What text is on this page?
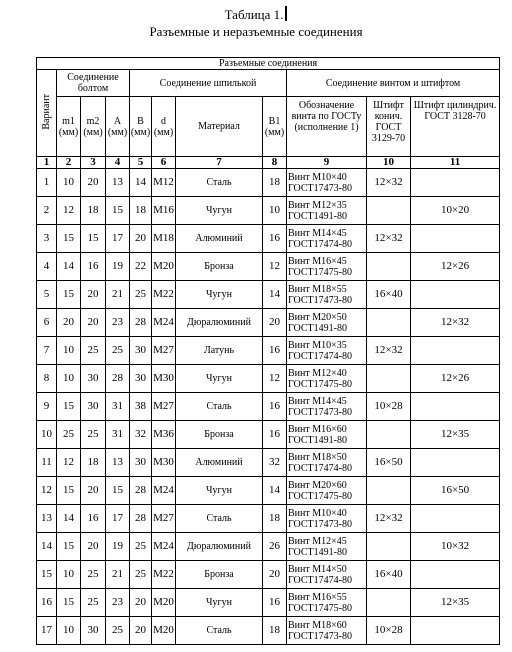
Таблица 1.
Разъемные и неразъемные соединения
Разъемные соединения										
Вариант	Соединение болтом			Соединение шпилькой				Соединение винтом и штифтом		
	m1 (мм)	m2 (мм)	A (мм)	B (мм)	d (мм)	Материал	B1 (мм)	Обозначение винта по ГОСТу (исполнение 1)	Штифт конич. ГОСТ 3129-70	Штифт цилиндрич. ГОСТ 3128-70
1	2	3	4	5	6	7	8	9	10	11
1	10	20	13	14	M12	Сталь	18	Винт М10×40
ГОСТ17473-80	12×32	
2	12	18	15	18	M16	Чугун	10	Винт М12×35
ГОСТ1491-80		10×20
3	15	15	17	20	M18	Алюминий	16	Винт М14×45
ГОСТ17474-80	12×32	
4	14	16	19	22	M20	Бронза	12	Винт М16×45
ГОСТ17475-80		12×26
5	15	20	21	25	M22	Чугун	14	Винт М18×55
ГОСТ17473-80	16×40	
6	20	20	23	28	M24	Дюралюминий	20	Винт М20×50
ГОСТ1491-80		12×32
7	10	25	25	30	M27	Латунь	16	Винт М10×35
ГОСТ17474-80	12×32	
8	10	30	28	30	M30	Чугун	12	Винт М12×40
ГОСТ17475-80		12×26
9	15	30	31	38	M27	Сталь	16	Винт М14×45
ГОСТ17473-80	10×28	
10	25	25	31	32	M36	Бронза	16	Винт М16×60
ГОСТ1491-80		12×35
11	12	18	13	30	M30	Алюминий	32	Винт М18×50
ГОСТ17474-80	16×50	
12	15	20	15	28	M24	Чугун	14	Винт М20×60
ГОСТ17475-80		16×50
13	14	16	17	28	M27	Сталь	18	Винт М10×40
ГОСТ17473-80	12×32	
14	15	20	19	25	M24	Дюралюминий	26	Винт М12×45
ГОСТ1491-80		10×32
15	10	25	21	25	M22	Бронза	20	Винт М14×50
ГОСТ17474-80	16×40	
16	15	25	23	20	M20	Чугун	16	Винт М16×55
ГОСТ17475-80		12×35
17	10	30	25	20	M20	Сталь	18	Винт М18×60
ГОСТ17473-80	10×28	
